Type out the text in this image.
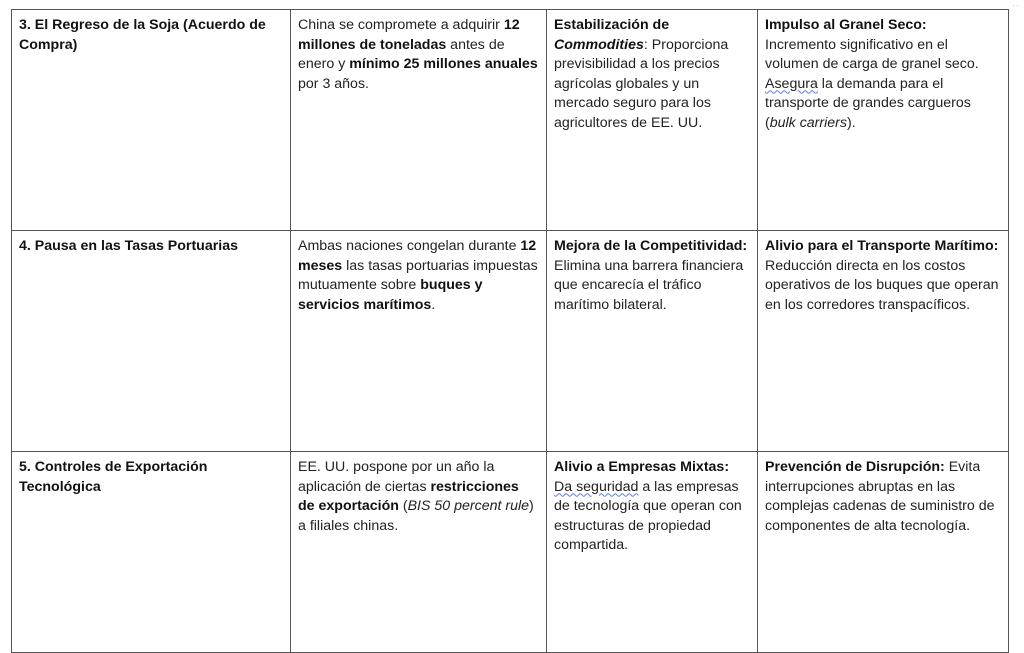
··
3. El Regreso de la Soja (Acuerdo de Compra)	China se compromete a adquirir 12 millones de toneladas antes de enero y mínimo 25 millones anuales por 3 años.	Estabilización de Commodities: Proporciona previsibilidad a los precios agrícolas globales y un mercado seguro para los agricultores de EE. UU.	Impulso al Granel Seco: Incremento significativo en el volumen de carga de granel seco. Asegura la demanda para el transporte de grandes cargueros (bulk carriers).
4. Pausa en las Tasas Portuarias	Ambas naciones congelan durante 12 meses las tasas portuarias impuestas mutuamente sobre buques y servicios marítimos.	Mejora de la Competitividad: Elimina una barrera financiera que encarecía el tráfico marítimo bilateral.	Alivio para el Transporte Marítimo: Reducción directa en los costos operativos de los buques que operan en los corredores transpacíficos.
5. Controles de Exportación Tecnológica	EE. UU. pospone por un año la aplicación de ciertas restricciones de exportación (BIS 50 percent rule) a filiales chinas.	Alivio a Empresas Mixtas: Da seguridad a las empresas de tecnología que operan con estructuras de propiedad compartida.	Prevención de Disrupción: Evita interrupciones abruptas en las complejas cadenas de suministro de componentes de alta tecnología.
